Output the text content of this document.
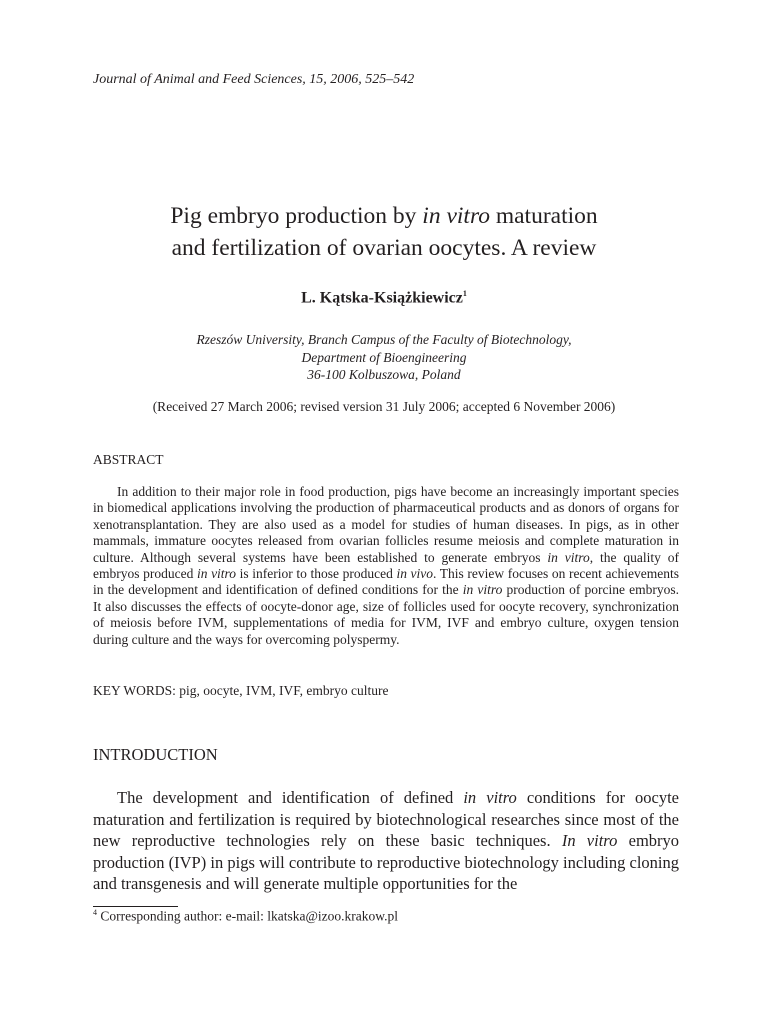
Journal of Animal and Feed Sciences, 15, 2006, 525–542
Pig embryo production by in vitro maturation
and fertilization of ovarian oocytes. A review
L. Kątska-Książkiewicz$^1$
Rzeszów University, Branch Campus of the Faculty of Biotechnology,
Department of Bioengineering
36-100 Kolbuszowa, Poland
(Received 27 March 2006; revised version 31 July 2006; accepted 6 November 2006)
ABSTRACT
In addition to their major role in food production, pigs have become an increasingly important species in biomedical applications involving the production of pharmaceutical products and as donors of organs for xenotransplantation. They are also used as a model for studies of human diseases. In pigs, as in other mammals, immature oocytes released from ovarian follicles resume meiosis and complete maturation in culture. Although several systems have been established to generate embryos in vitro, the quality of embryos produced in vitro is inferior to those produced in vivo. This review focuses on recent achievements in the development and identification of defined conditions for the in vitro production of porcine embryos. It also discusses the effects of oocyte-donor age, size of follicles used for oocyte recovery, synchronization of meiosis before IVM, supplementations of media for IVM, IVF and embryo culture, oxygen tension during culture and the ways for overcoming polyspermy.
KEY WORDS: pig, oocyte, IVM, IVF, embryo culture
INTRODUCTION
The development and identification of defined in vitro conditions for oocyte maturation and fertilization is required by biotechnological researches since most of the new reproductive technologies rely on these basic techniques. In vitro embryo production (IVP) in pigs will contribute to reproductive biotechnology including cloning and transgenesis and will generate multiple opportunities for the
$^4$ Corresponding author: e-mail: lkatska@izoo.krakow.pl
